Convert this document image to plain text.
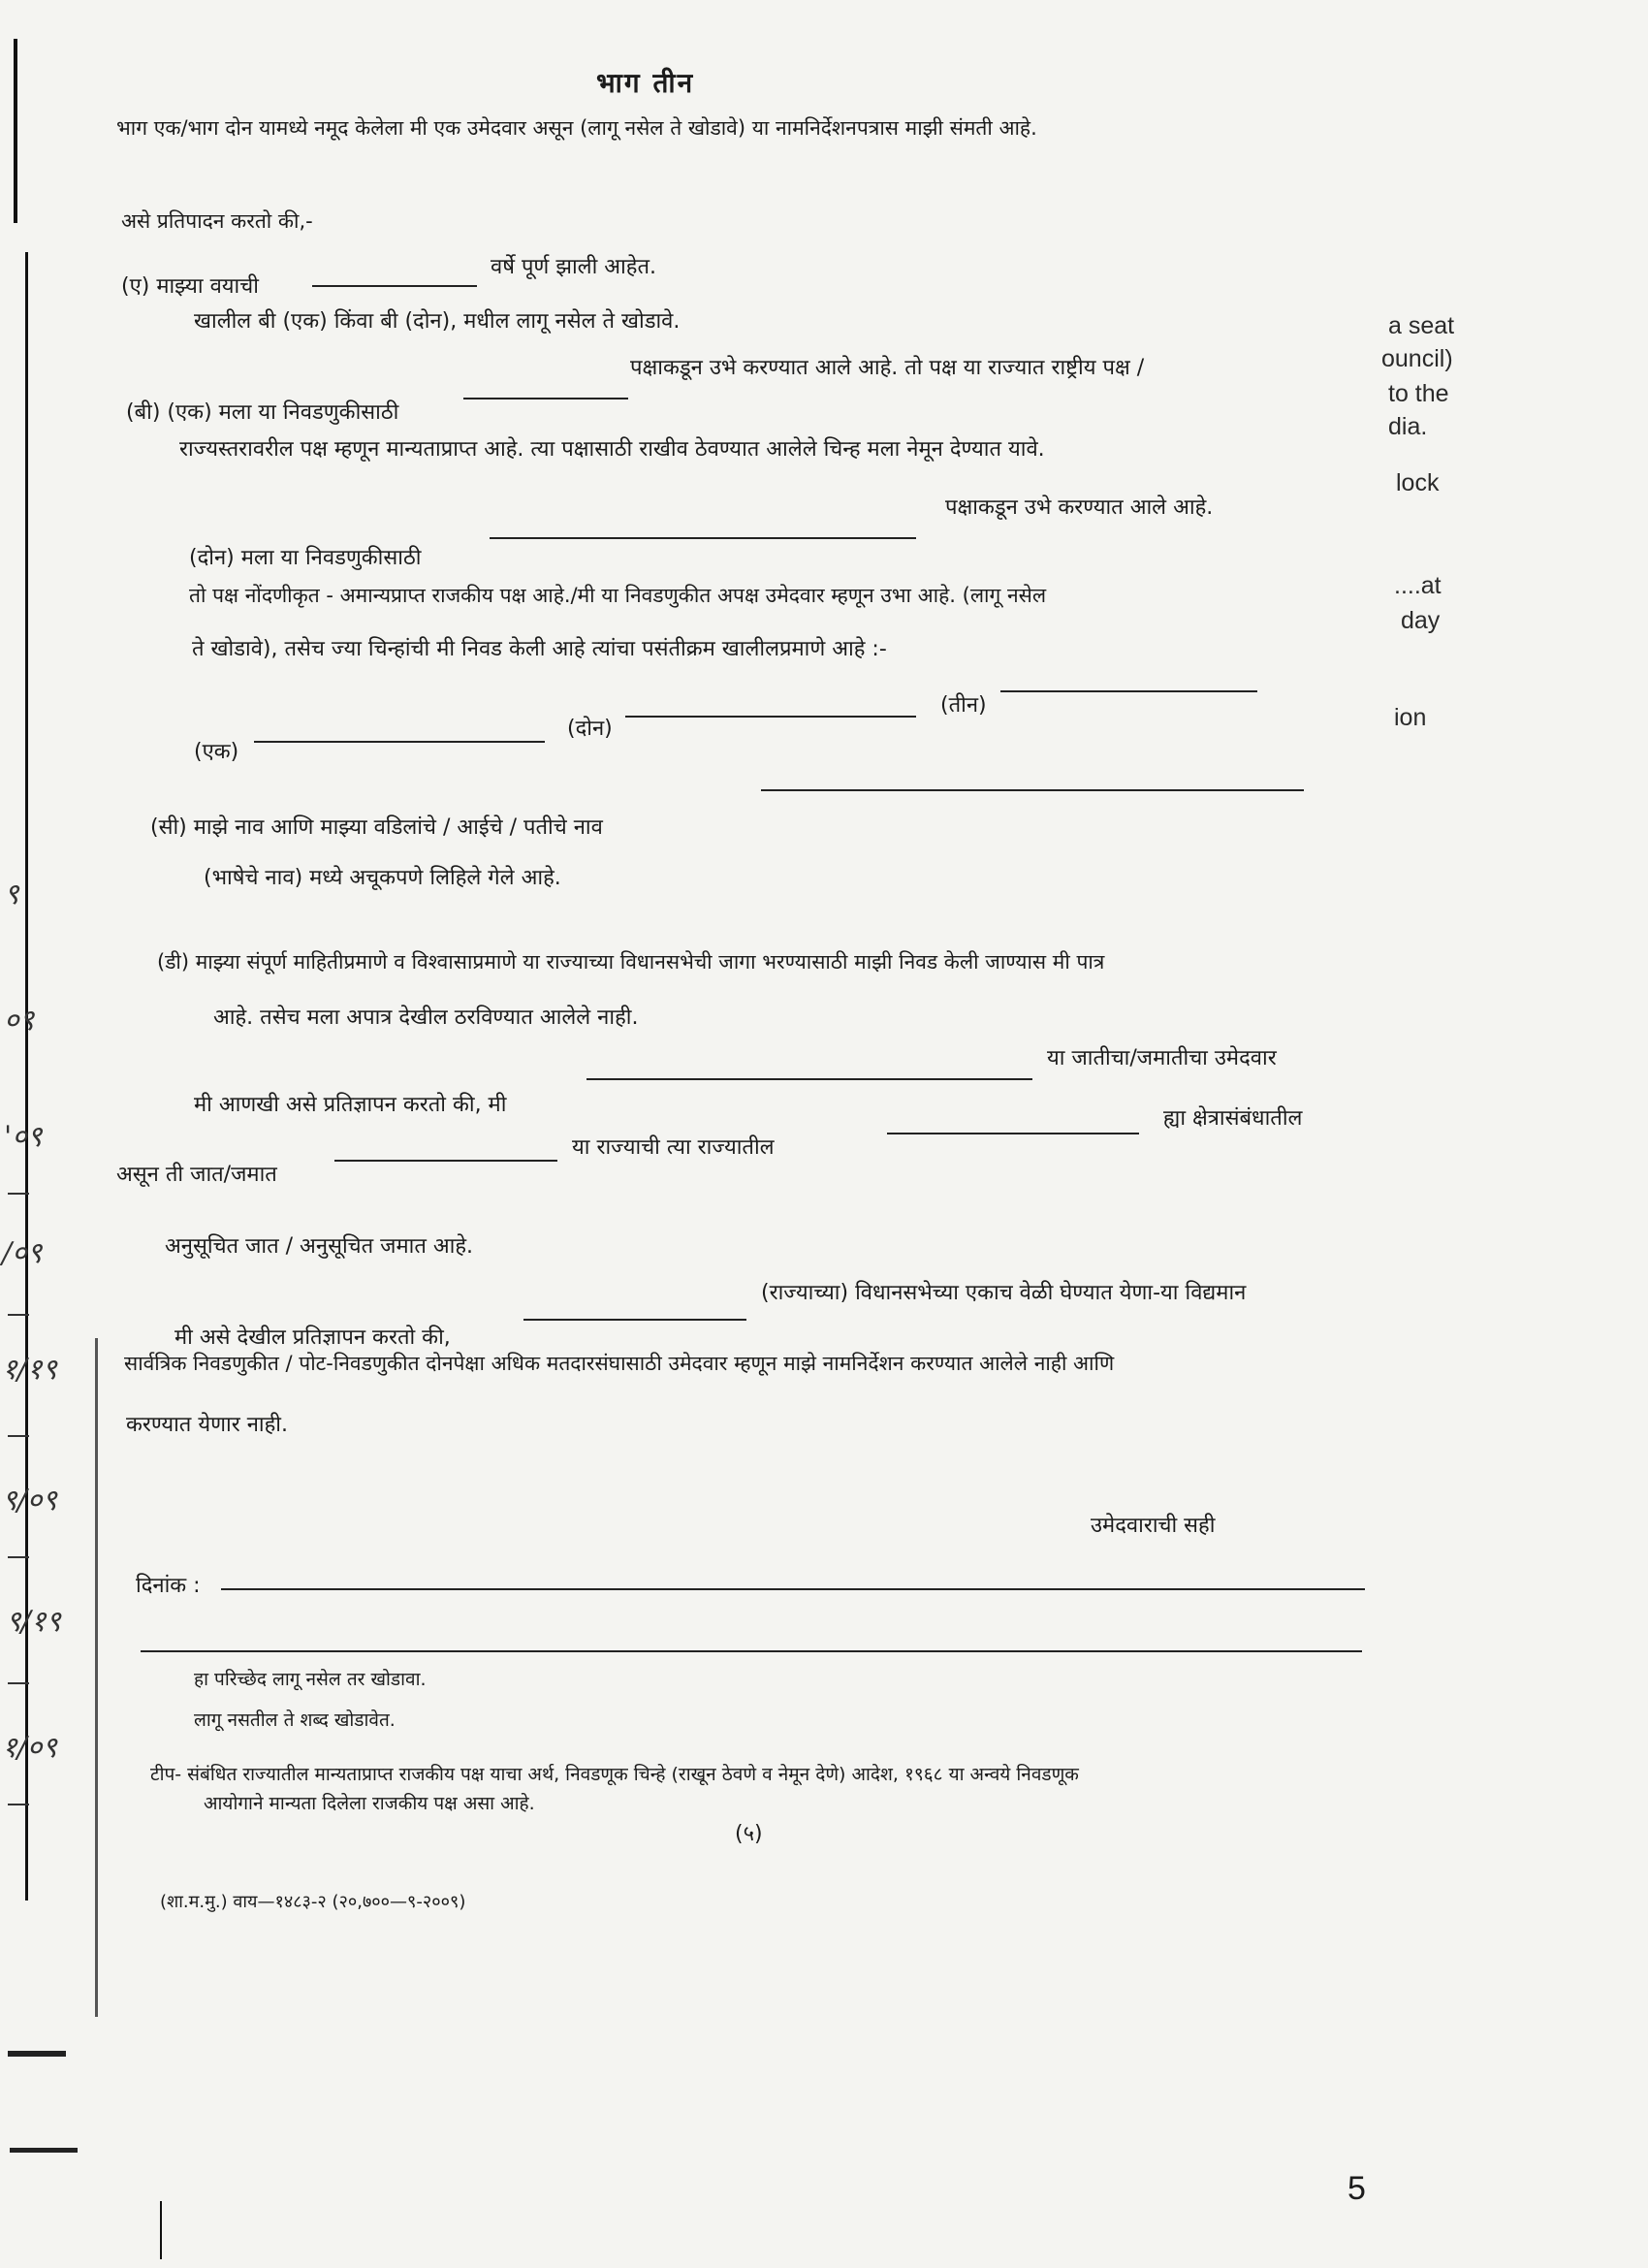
९
०९
'०९
/०९
१/१९
९/०९
९/१९
१/०९
a seat
ouncil)
to the
dia.
lock
....at
day
ion
भाग तीन
भाग एक/भाग दोन यामध्ये नमूद केलेला मी एक उमेदवार असून (लागू नसेल ते खोडावे) या नामनिर्देशनपत्रास माझी संमती आहे.
असे प्रतिपादन करतो की,-
(ए) माझ्या वयाची
वर्षे पूर्ण झाली आहेत.
खालील बी (एक) किंवा बी (दोन), मधील लागू नसेल ते खोडावे.
(बी) (एक) मला या निवडणुकीसाठी
पक्षाकडून उभे करण्यात आले आहे. तो पक्ष या राज्यात राष्ट्रीय पक्ष /
राज्यस्तरावरील पक्ष म्हणून मान्यताप्राप्त आहे. त्या पक्षासाठी राखीव ठेवण्यात आलेले चिन्ह मला नेमून देण्यात यावे.
(दोन) मला या निवडणुकीसाठी
पक्षाकडून उभे करण्यात आले आहे.
तो पक्ष नोंदणीकृत - अमान्यप्राप्त राजकीय पक्ष आहे./मी या निवडणुकीत अपक्ष उमेदवार म्हणून उभा आहे. (लागू नसेल
ते खोडावे), तसेच ज्या चिन्हांची मी निवड केली आहे त्यांचा पसंतीक्रम खालीलप्रमाणे आहे :-
(एक)
(दोन)
(तीन)
(सी) माझे नाव आणि माझ्या वडिलांचे / आईचे / पतीचे नाव
(भाषेचे नाव) मध्ये अचूकपणे लिहिले गेले आहे.
(डी) माझ्या संपूर्ण माहितीप्रमाणे व विश्वासाप्रमाणे या राज्याच्या विधानसभेची जागा भरण्यासाठी माझी निवड केली जाण्यास मी पात्र
आहे. तसेच मला अपात्र देखील ठरविण्यात आलेले नाही.
मी आणखी असे प्रतिज्ञापन करतो की, मी
या जातीचा/जमातीचा उमेदवार
असून ती जात/जमात
या राज्याची त्या राज्यातील
ह्या क्षेत्रासंबंधातील
अनुसूचित जात / अनुसूचित जमात आहे.
मी असे देखील प्रतिज्ञापन करतो की,
(राज्याच्या) विधानसभेच्या एकाच वेळी घेण्यात येणा-या विद्यमान
सार्वत्रिक निवडणुकीत / पोट-निवडणुकीत दोनपेक्षा अधिक मतदारसंघासाठी उमेदवार म्हणून माझे नामनिर्देशन करण्यात आलेले नाही आणि
करण्यात येणार नाही.
उमेदवाराची सही
दिनांक :
हा परिच्छेद लागू नसेल तर खोडावा.
लागू नसतील ते शब्द खोडावेत.
टीप- संबंधित राज्यातील मान्यताप्राप्त राजकीय पक्ष याचा अर्थ, निवडणूक चिन्हे (राखून ठेवणे व नेमून देणे) आदेश, १९६८ या अन्वये निवडणूक
आयोगाने मान्यता दिलेला राजकीय पक्ष असा आहे.
(५)
(शा.म.मु.) वाय—१४८३-२ (२०,७००—९-२००९)
5
